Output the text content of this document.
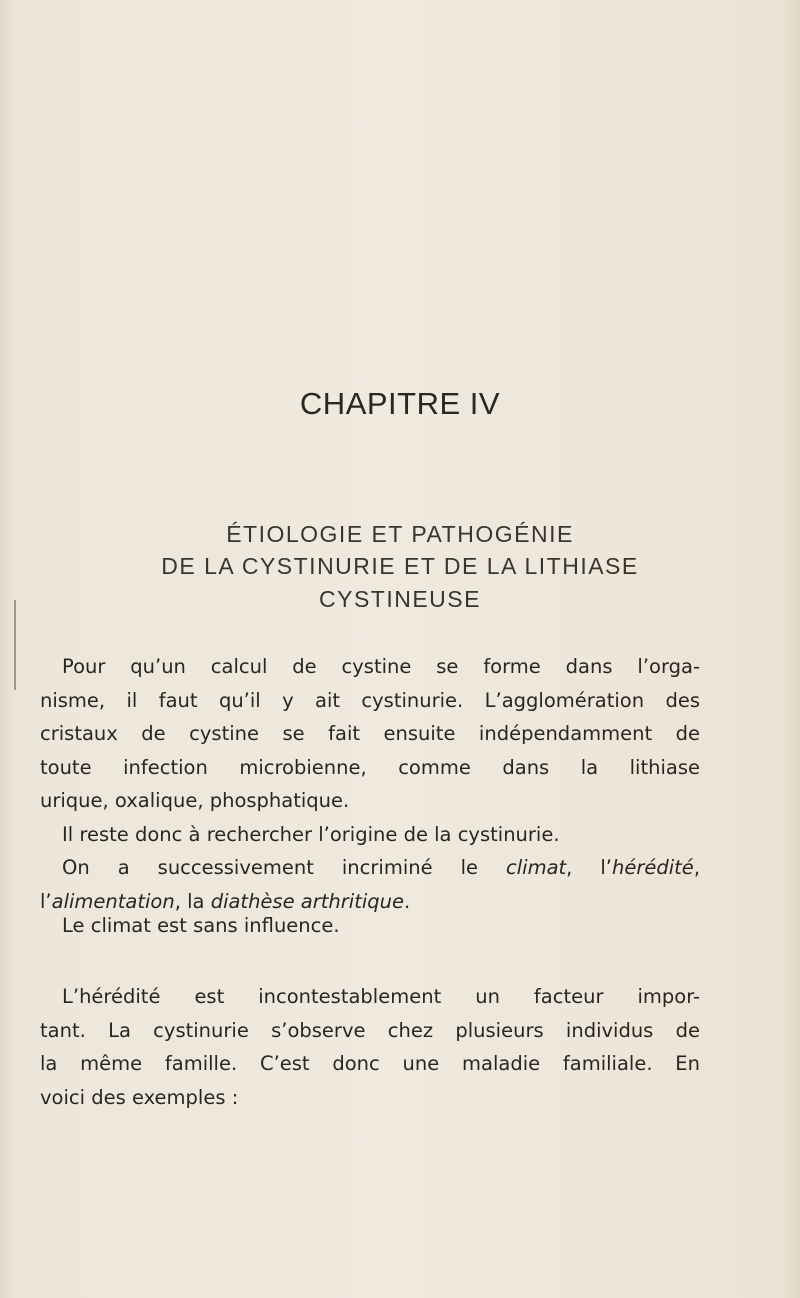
CHAPITRE IV

ÉTIOLOGIE ET PATHOGÉNIE

DE LA CYSTINURIE ET DE LA LITHIASE

CYSTINEUSE

Pour qu’un calcul de cystine se forme dans l’orga-
nisme, il faut qu’il y ait cystinurie. L’agglomération des
cristaux de cystine se fait ensuite indépendamment de
toute infection microbienne, comme dans la lithiase
urique, oxalique, phosphatique.
Il reste donc à rechercher l’origine de la cystinurie.
On a successivement incriminé le climat, l’hérédité,
l’alimentation, la diathèse arthritique.
Le climat est sans influence.
L’hérédité est incontestablement un facteur impor-
tant. La cystinurie s’observe chez plusieurs individus de
la même famille. C’est donc une maladie familiale. En
voici des exemples :
